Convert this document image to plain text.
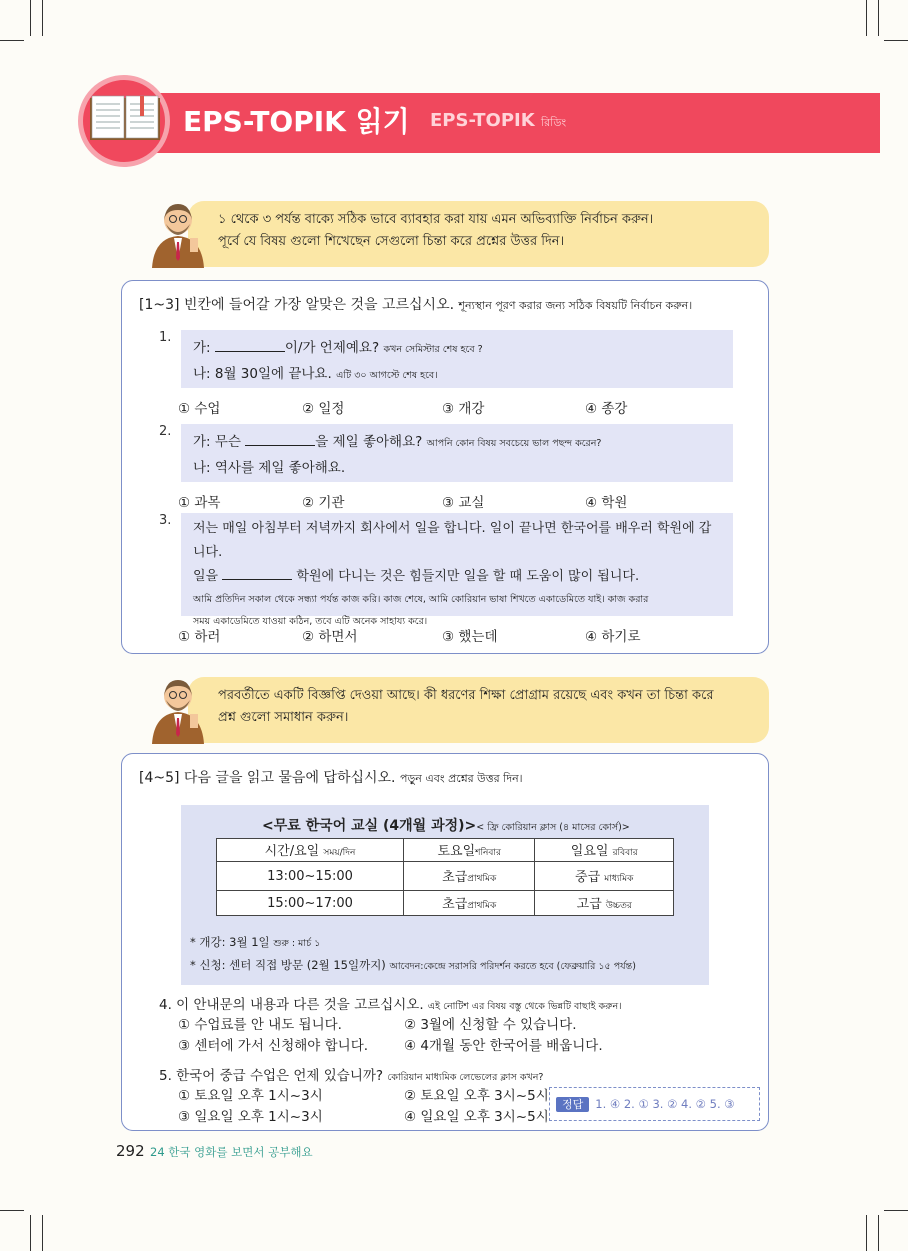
EPS-TOPIK 읽기 EPS-TOPIK রিডিং
১ থেকে ৩ পর্যন্ত বাক্যে সঠিক ভাবে ব্যাবহার করা যায় এমন অভিব্যাক্তি নির্বাচন করুন।
পূর্বে যে বিষয় গুলো শিখেছেন সেগুলো চিন্তা করে প্রশ্নের উত্তর দিন।
[1~3] 빈칸에 들어갈 가장 알맞은 것을 고르십시오. শূন্যস্থান পূরণ করার জন্য সঠিক বিষয়টি নির্বাচন করুন।
1.
가:	이/가 언제예요? কখন সেমিস্টার শেষ হবে ?
나: 8월 30일에 끝나요. এটি ৩০ আগস্টে শেষ হবে।
① 수업	② 일정	③ 개강	④ 종강
2.
가: 무슨	을 제일 좋아해요? আপনি কোন বিষয় সবচেয়ে ভাল পছন্দ করেন?
나: 역사를 제일 좋아해요.
① 과목	② 기관	③ 교실	④ 학원
3.
저는 매일 아침부터 저녁까지 회사에서 일을 합니다. 일이 끝나면 한국어를 배우러 학원에 갑니다.
일을	학원에 다니는 것은 힘들지만 일을 할 때 도움이 많이 됩니다.
আমি প্রতিদিন সকাল থেকে সন্ধ্যা পর্যন্ত কাজ করি। কাজ শেষে, আমি কোরিয়ান ভাষা শিখতে একাডেমিতে যাই। কাজ করার
সময় একাডেমিতে যাওয়া কঠিন, তবে এটি অনেক সাহায্য করে।
① 하러	② 하면서	③ 했는데	④ 하기로
পরবর্তীতে একটি বিজ্ঞপ্তি দেওয়া আছে। কী ধরণের শিক্ষা প্রোগ্রাম রয়েছে এবং কখন তা চিন্তা করে
প্রশ্ন গুলো সমাধান করুন।
[4~5] 다음 글을 읽고 물음에 답하십시오. পড়ুন এবং প্রশ্নের উত্তর দিন।
<무료 한국어 교실 (4개월 과정)>< ফ্রি কোরিয়ান ক্লাস (৪ মাসের কোর্স)>
시간/요일 সময়/দিন	토요일শনিবার	일요일 রবিবার
13:00~15:00	초급প্রাথমিক	중급 মাধ্যমিক
15:00~17:00	초급প্রাথমিক	고급 উচ্চতর
* 개강: 3월 1일 শুরু : মার্চ ১
* 신청: 센터 직접 방문 (2월 15일까지) আবেদন:কেন্দ্রে সরাসরি পরিদর্শন করতে হবে (ফেব্রুয়ারি ১৫ পর্যন্ত)
4. 이 안내문의 내용과 다른 것을 고르십시오. এই নোটিশ এর বিষয় বস্তু থেকে ভিন্নটি বাছাই করুন।
① 수업료를 안 내도 됩니다.	② 3월에 신청할 수 있습니다.
③ 센터에 가서 신청해야 합니다.	④ 4개월 동안 한국어를 배웁니다.
5. 한국어 중급 수업은 언제 있습니까? কোরিয়ান মাধ্যমিক লেভেলের ক্লাস কখন?
① 토요일 오후 1시~3시	② 토요일 오후 3시~5시
③ 일요일 오후 1시~3시	④ 일요일 오후 3시~5시
정답 1. ④ 2. ① 3. ② 4. ② 5. ③
292 24 한국 영화를 보면서 공부해요
